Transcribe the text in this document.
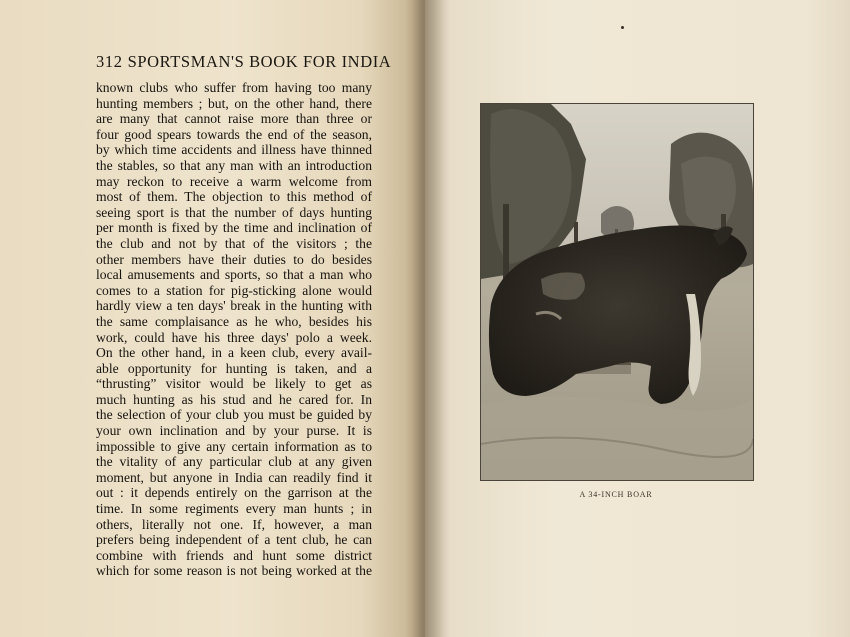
312 SPORTSMAN'S BOOK FOR INDIA
known clubs who suffer from having too many
hunting members ; but, on the other hand, there
are many that cannot raise more than three or
four good spears towards the end of the season,
by which time accidents and illness have thinned
the stables, so that any man with an introduction
may reckon to receive a warm welcome from
most of them. The objection to this method of
seeing sport is that the number of days hunting
per month is fixed by the time and inclination of
the club and not by that of the visitors ; the
other members have their duties to do besides
local amusements and sports, so that a man who
comes to a station for pig-sticking alone would
hardly view a ten days' break in the hunting with
the same complaisance as he who, besides his
work, could have his three days' polo a week.
On the other hand, in a keen club, every avail-
able opportunity for hunting is taken, and a
“thrusting” visitor would be likely to get as
much hunting as his stud and he cared for. In
the selection of your club you must be guided by
your own inclination and by your purse. It is
impossible to give any certain information as to
the vitality of any particular club at any given
moment, but anyone in India can readily find it
out : it depends entirely on the garrison at the
time. In some regiments every man hunts ; in
others, literally not one. If, however, a man
prefers being independent of a tent club, he can
combine with friends and hunt some district
which for some reason is not being worked at the
A 34-INCH BOAR
